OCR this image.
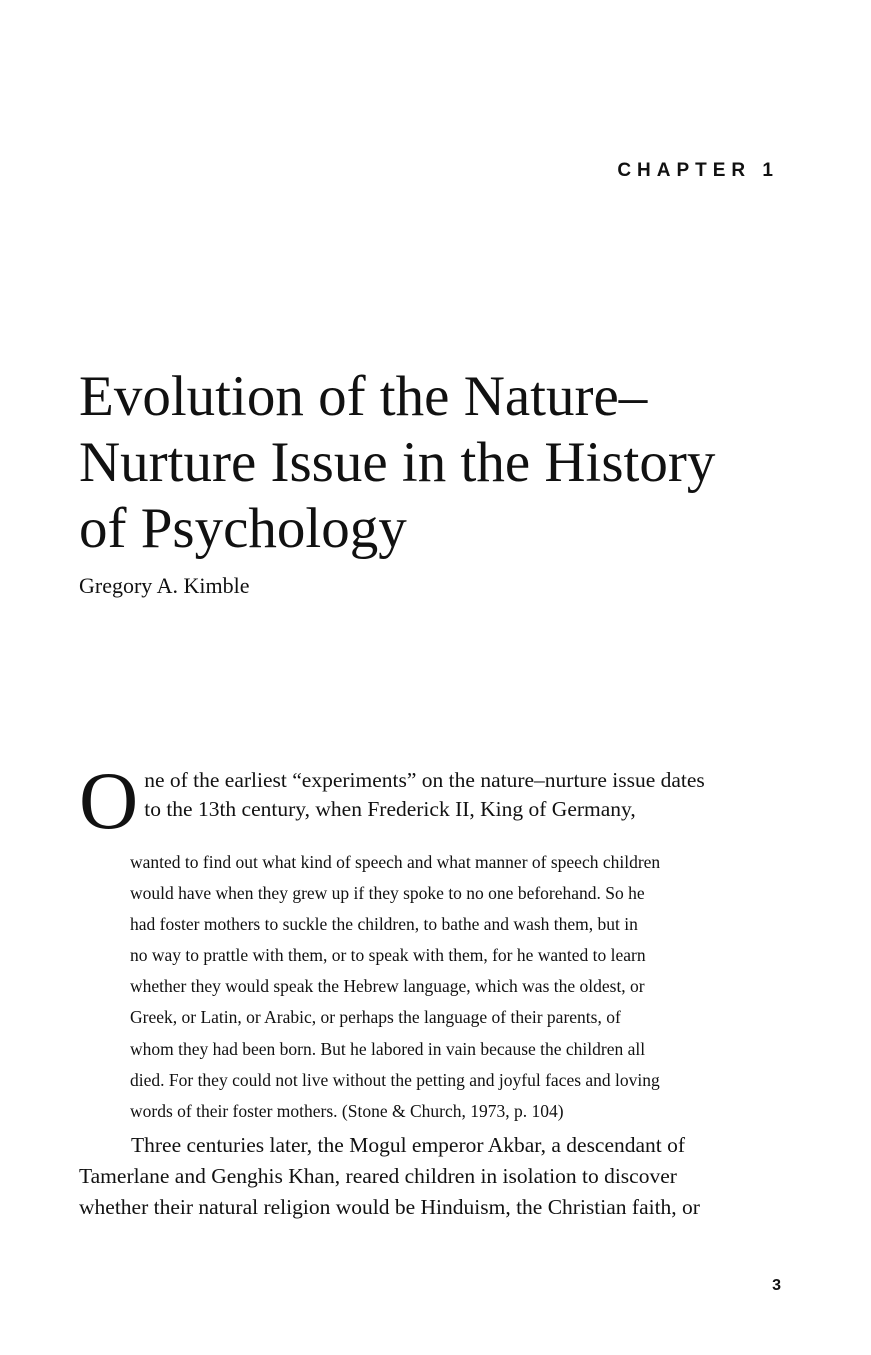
CHAPTER 1
Evolution of the Nature–
Nurture Issue in the History
of Psychology
Gregory A. Kimble
O ne of the earliest “experiments” on the nature–nurture issue dates
to the 13th century, when Frederick II, King of Germany,
wanted to find out what kind of speech and what manner of speech children
would have when they grew up if they spoke to no one beforehand. So he
had foster mothers to suckle the children, to bathe and wash them, but in
no way to prattle with them, or to speak with them, for he wanted to learn
whether they would speak the Hebrew language, which was the oldest, or
Greek, or Latin, or Arabic, or perhaps the language of their parents, of
whom they had been born. But he labored in vain because the children all
died. For they could not live without the petting and joyful faces and loving
words of their foster mothers. (Stone & Church, 1973, p. 104)
Three centuries later, the Mogul emperor Akbar, a descendant of
Tamerlane and Genghis Khan, reared children in isolation to discover
whether their natural religion would be Hinduism, the Christian faith, or
3
